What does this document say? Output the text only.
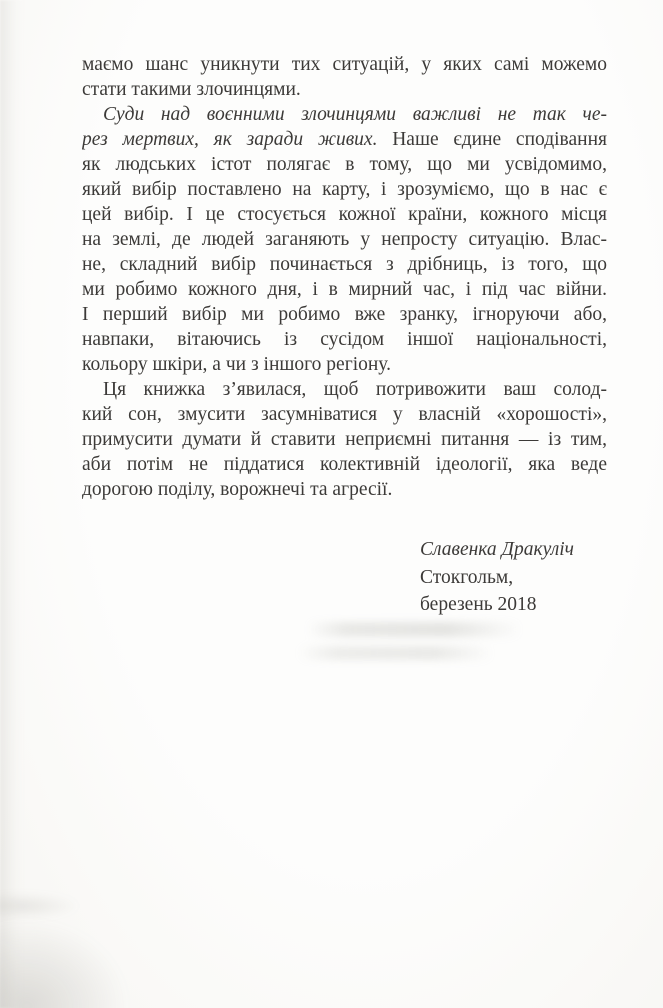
маємо шанс уникнути тих ситуацій, у яких самі можемо
стати такими злочинцями.
Суди над воєнними злочинцями важливі не так че-
рез мертвих, як заради живих. Наше єдине сподівання
як людських істот полягає в тому, що ми усвідомимо,
який вибір поставлено на карту, і зрозуміємо, що в нас є
цей вибір. І це стосується кожної країни, кожного місця
на землі, де людей заганяють у непросту ситуацію. Влас-
не, складний вибір починається з дрібниць, із того, що
ми робимо кожного дня, і в мирний час, і під час війни.
І перший вибір ми робимо вже зранку, ігноруючи або,
навпаки, вітаючись із сусідом іншої національності,
кольору шкіри, а чи з іншого регіону.
Ця книжка з’явилася, щоб потривожити ваш солод-
кий сон, змусити засумніватися у власній «хорошості»,
примусити думати й ставити неприємні питання — із тим,
аби потім не піддатися колективній ідеології, яка веде
дорогою поділу, ворожнечі та агресії.
Славенка Дракуліч
Стокгольм,
березень 2018
